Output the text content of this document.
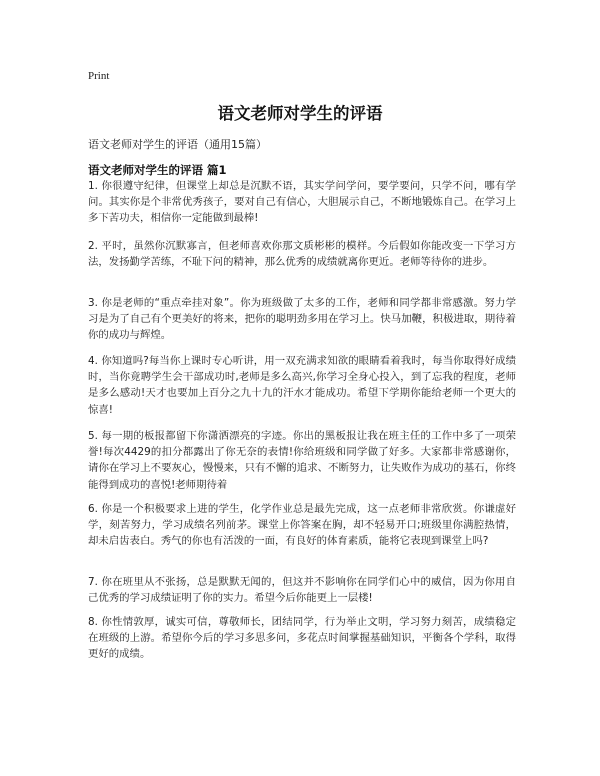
Print
语文老师对学生的评语
语文老师对学生的评语（通用15篇）
语文老师对学生的评语 篇1

1. 你很遵守纪律，但课堂上却总是沉默不语，其实学问学问，要学要问，只学不问，哪有学问。其实你是个非常优秀孩子，要对自己有信心，大胆展示自己，不断地锻炼自己。在学习上多下苦功夫，相信你一定能做到最棒!

2. 平时，虽然你沉默寡言，但老师喜欢你那文质彬彬的模样。今后假如你能改变一下学习方法，发扬勤学苦练，不耻下问的精神，那么优秀的成绩就离你更近。老师等待你的进步。

3. 你是老师的“重点牵挂对象”。你为班级做了太多的工作，老师和同学都非常感激。努力学习是为了自己有个更美好的将来，把你的聪明劲多用在学习上。快马加鞭，积极进取，期待着你的成功与辉煌。

4. 你知道吗?每当你上课时专心听讲，用一双充满求知欲的眼睛看着我时，每当你取得好成绩时，当你竟聘学生会干部成功时,老师是多么高兴,你学习全身心投入，到了忘我的程度，老师是多么感动!天才也要加上百分之九十九的汗水才能成功。希望下学期你能给老师一个更大的惊喜!

5. 每一期的板报都留下你潇洒漂亮的字迹。你出的黑板报让我在班主任的工作中多了一项荣誉!每次4429的扣分都露出了你无奈的表情!你给班级和同学做了好多。大家都非常感谢你，请你在学习上不要灰心，慢慢来，只有不懈的追求、不断努力，让失败作为成功的基石，你终能得到成功的喜悦!老师期待着

6. 你是一个积极要求上进的学生，化学作业总是最先完成，这一点老师非常欣赏。你谦虚好学，刻苦努力，学习成绩名列前茅。课堂上你答案在胸，却不轻易开口;班级里你满腔热情，却未启齿表白。秀气的你也有活泼的一面，有良好的体育素质，能将它表现到课堂上吗?

7. 你在班里从不张扬，总是默默无闻的，但这并不影响你在同学们心中的威信，因为你用自己优秀的学习成绩证明了你的实力。希望今后你能更上一层楼!

8. 你性情敦厚，诚实可信，尊敬师长，团结同学，行为举止文明，学习努力刻苦，成绩稳定在班级的上游。希望你今后的学习多思多问，多花点时间掌握基础知识，平衡各个学科，取得更好的成绩。
